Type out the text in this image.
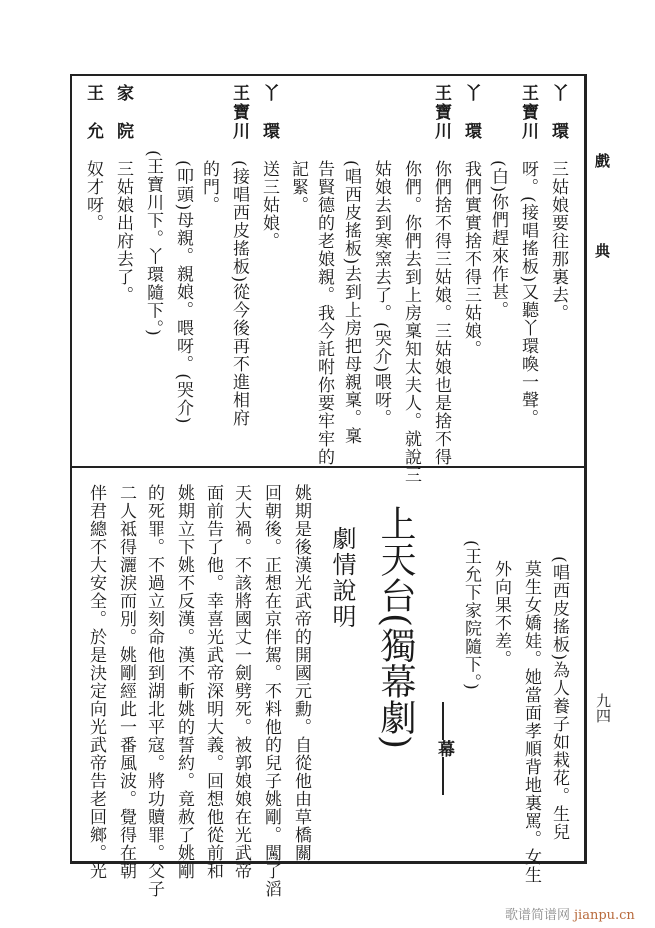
戲
典
九四
丫環
三姑娘要往那裏去。
王寶川
呀。(接唱搖板)又聽丫環喚一聲。
(白)你們趕來作甚。
丫環
我們實實捨不得三姑娘。
王寶川
你們捨不得三姑娘。三姑娘也是捨不得
你們。你們去到上房稟知太夫人。就說三
姑娘去到寒窯去了。(哭介)喂呀。
(唱西皮搖板)去到上房把母親稟。稟
告賢德的老娘親。我今託咐你要牢牢的
記緊。
丫環
送三姑娘。
王寶川
(接唱西皮搖板)從今後再不進相府
的門。
(叩頭)母親。親娘。喂呀。(哭介)
(王寶川下。丫環隨下。)
家院
三姑娘出府去了。
王允
奴才呀。
(唱西皮搖板)為人養子如栽花。生兒
莫生女嬌娃。她當面孝順背地裏罵。女生
外向果不差。
(王允下家院隨下。)
幕
上天台(獨幕劇)
劇情說明
姚期是後漢光武帝的開國元勳。自從他由草橋關
回朝後。正想在京伴駕。不料他的兒子姚剛。闖了滔
天大禍。不該將國丈一劍劈死。被郭娘娘在光武帝
面前告了他。幸喜光武帝深明大義。回想他從前和
姚期立下姚不反漢。漢不斬姚的誓約。竟赦了姚剛
的死罪。不過立刻命他到湖北平寇。將功贖罪。父子
二人祗得灑淚而別。姚剛經此一番風波。覺得在朝
伴君總不大安全。於是決定向光武帝告老回鄉。光
歌谱简谱网 jianpu.cn
